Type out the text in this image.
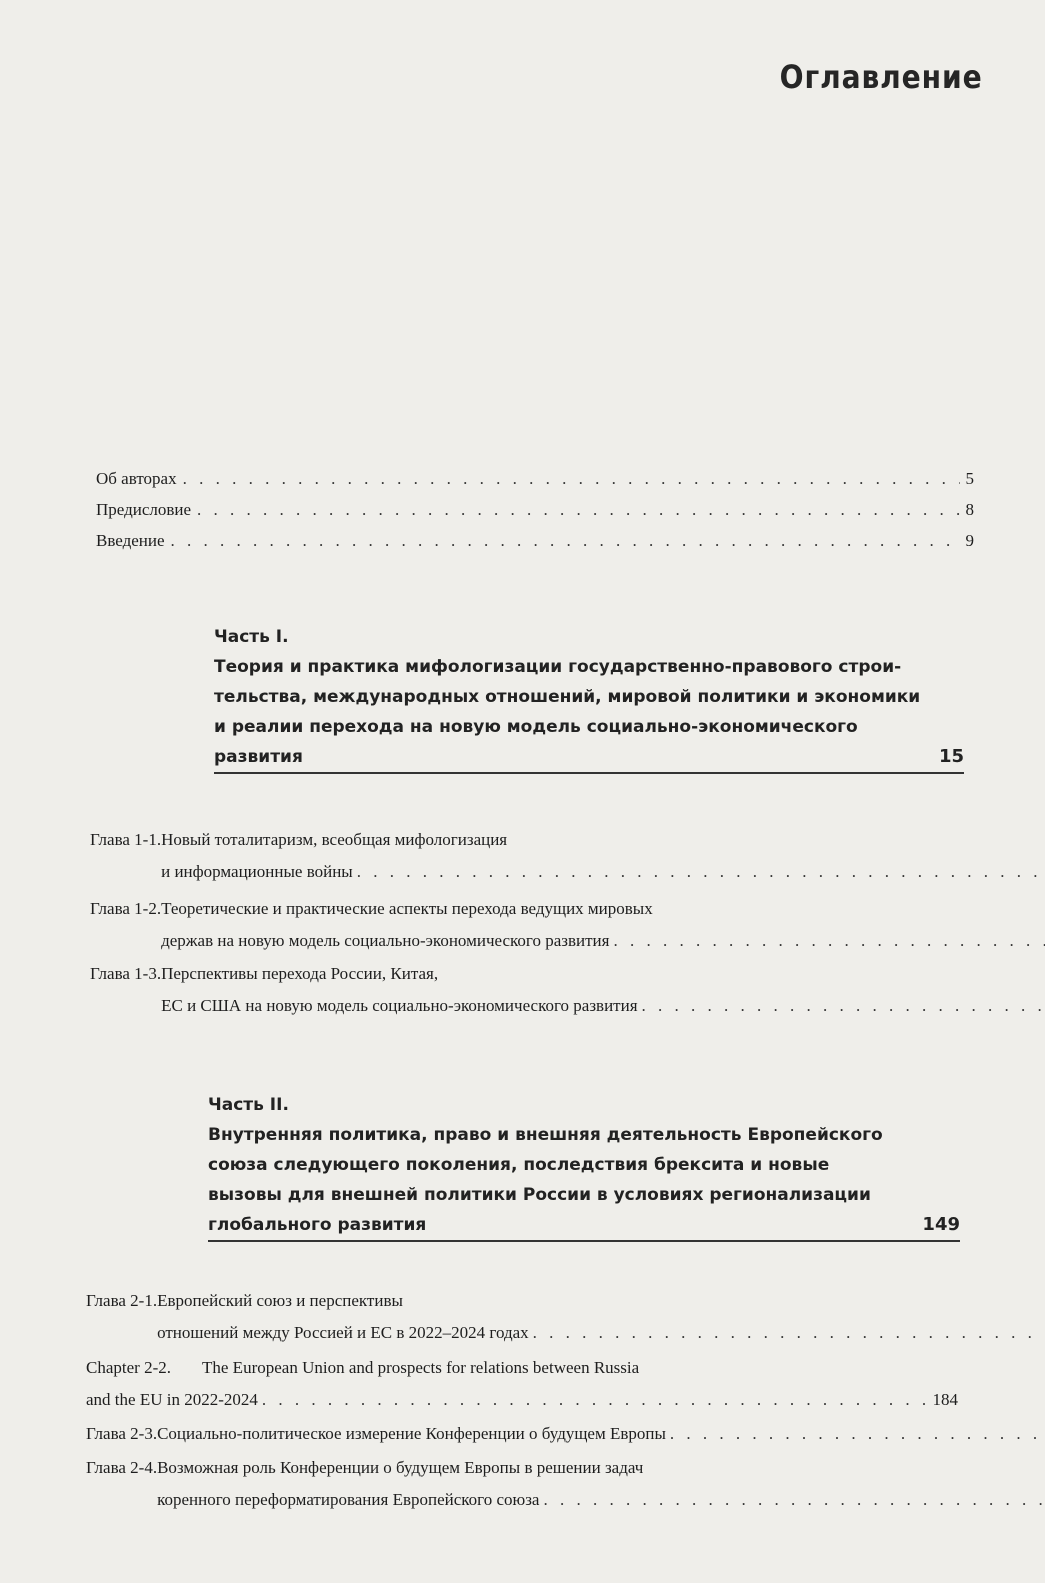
Оглавление
Об авторах . . .	5
Предисловие . . .	8
Введение . . .	9
Часть I.
Теория и практика мифологизации государственно-правового строи-
тельства, международных отношений, мировой политики и экономики
и реалии перехода на новую модель социально-экономического
развития	15
Глава 1-1. Новый тоталитаризм, всеобщая мифологизация
и информационные войны
. . .
Глава 1-2. Теоретические и практические аспекты перехода ведущих мировых
держав на новую модель социально-экономического развития
. . .
Глава 1-3. Перспективы перехода России, Китая,
ЕС и США на новую модель социально-экономического развития
. . .
Часть II.
Внутренняя политика, право и внешняя деятельность Европейского
союза следующего поколения, последствия брексита и новые
вызовы для внешней политики России в условиях регионализации
глобального развития	149
Глава 2-1. Европейский союз и перспективы
отношений между Россией и ЕС в 2022–2024 годах
. . .
Chapter 2-2.	The European Union and prospects for relations between Russia
and the EU in 2022-2024 . . .	184
Глава 2-3. Социально-политическое измерение Конференции о будущем Европы
. . .
Глава 2-4. Возможная роль Конференции о будущем Европы в решении задач
коренного переформатирования Европейского союза
. . .
